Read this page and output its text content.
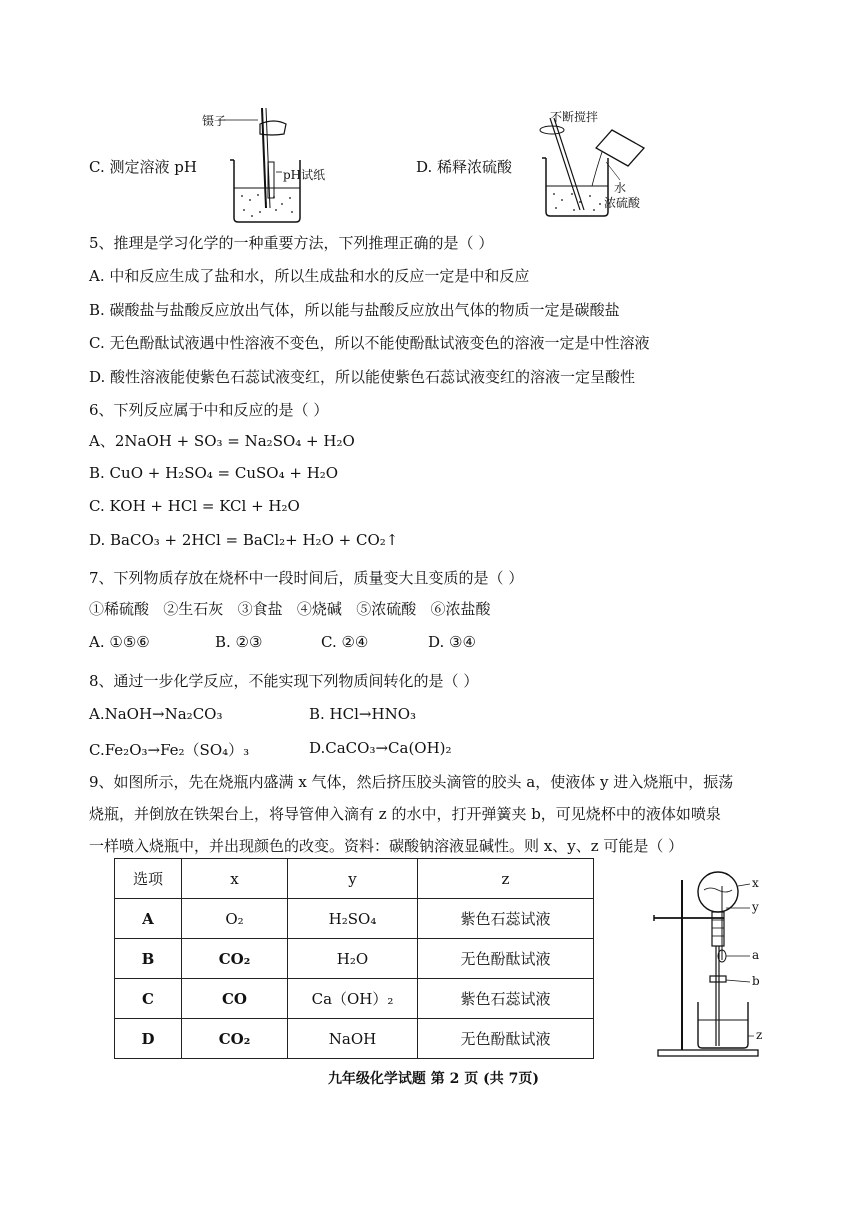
C. 测定溶液 pH
镊子
pH试纸	D. 稀释浓硫酸
不断搅拌
水
浓硫酸
5、推理是学习化学的一种重要方法，下列推理正确的是（ ）
A. 中和反应生成了盐和水，所以生成盐和水的反应一定是中和反应
B. 碳酸盐与盐酸反应放出气体，所以能与盐酸反应放出气体的物质一定是碳酸盐
C. 无色酚酞试液遇中性溶液不变色，所以不能使酚酞试液变色的溶液一定是中性溶液
D. 酸性溶液能使紫色石蕊试液变红，所以能使紫色石蕊试液变红的溶液一定呈酸性
6、下列反应属于中和反应的是（ ）
A、2NaOH + SO₃ = Na₂SO₄ + H₂O
B. CuO + H₂SO₄ = CuSO₄ + H₂O
C. KOH + HCl = KCl + H₂O
D. BaCO₃ + 2HCl = BaCl₂+ H₂O + CO₂↑
7、下列物质存放在烧杯中一段时间后，质量变大且变质的是（ ）
①稀硫酸   ②生石灰   ③食盐   ④烧碱   ⑤浓硫酸   ⑥浓盐酸
A. ①⑤⑥	B. ②③	C. ②④	D. ③④
8、通过一步化学反应，不能实现下列物质间转化的是（ ）
A.NaOH→Na₂CO₃	B. HCl→HNO₃
C.Fe₂O₃→Fe₂（SO₄）₃	D.CaCO₃→Ca(OH)₂
9、如图所示，先在烧瓶内盛满 x 气体，然后挤压胶头滴管的胶头 a，使液体 y 进入烧瓶中，振荡
烧瓶，并倒放在铁架台上，将导管伸入滴有 z 的水中，打开弹簧夹 b，可见烧杯中的液体如喷泉
一样喷入烧瓶中，并出现颜色的改变。资料：碳酸钠溶液显碱性。则 x、y、z 可能是（ ）
选项	x	y	z
A	O₂	H₂SO₄	紫色石蕊试液
B	CO₂	H₂O	无色酚酞试液
C	CO	Ca（OH）₂	紫色石蕊试液
D	CO₂	NaOH	无色酚酞试液
x
y
a
b
z
九年级化学试题 第 2 页 (共 7页)
